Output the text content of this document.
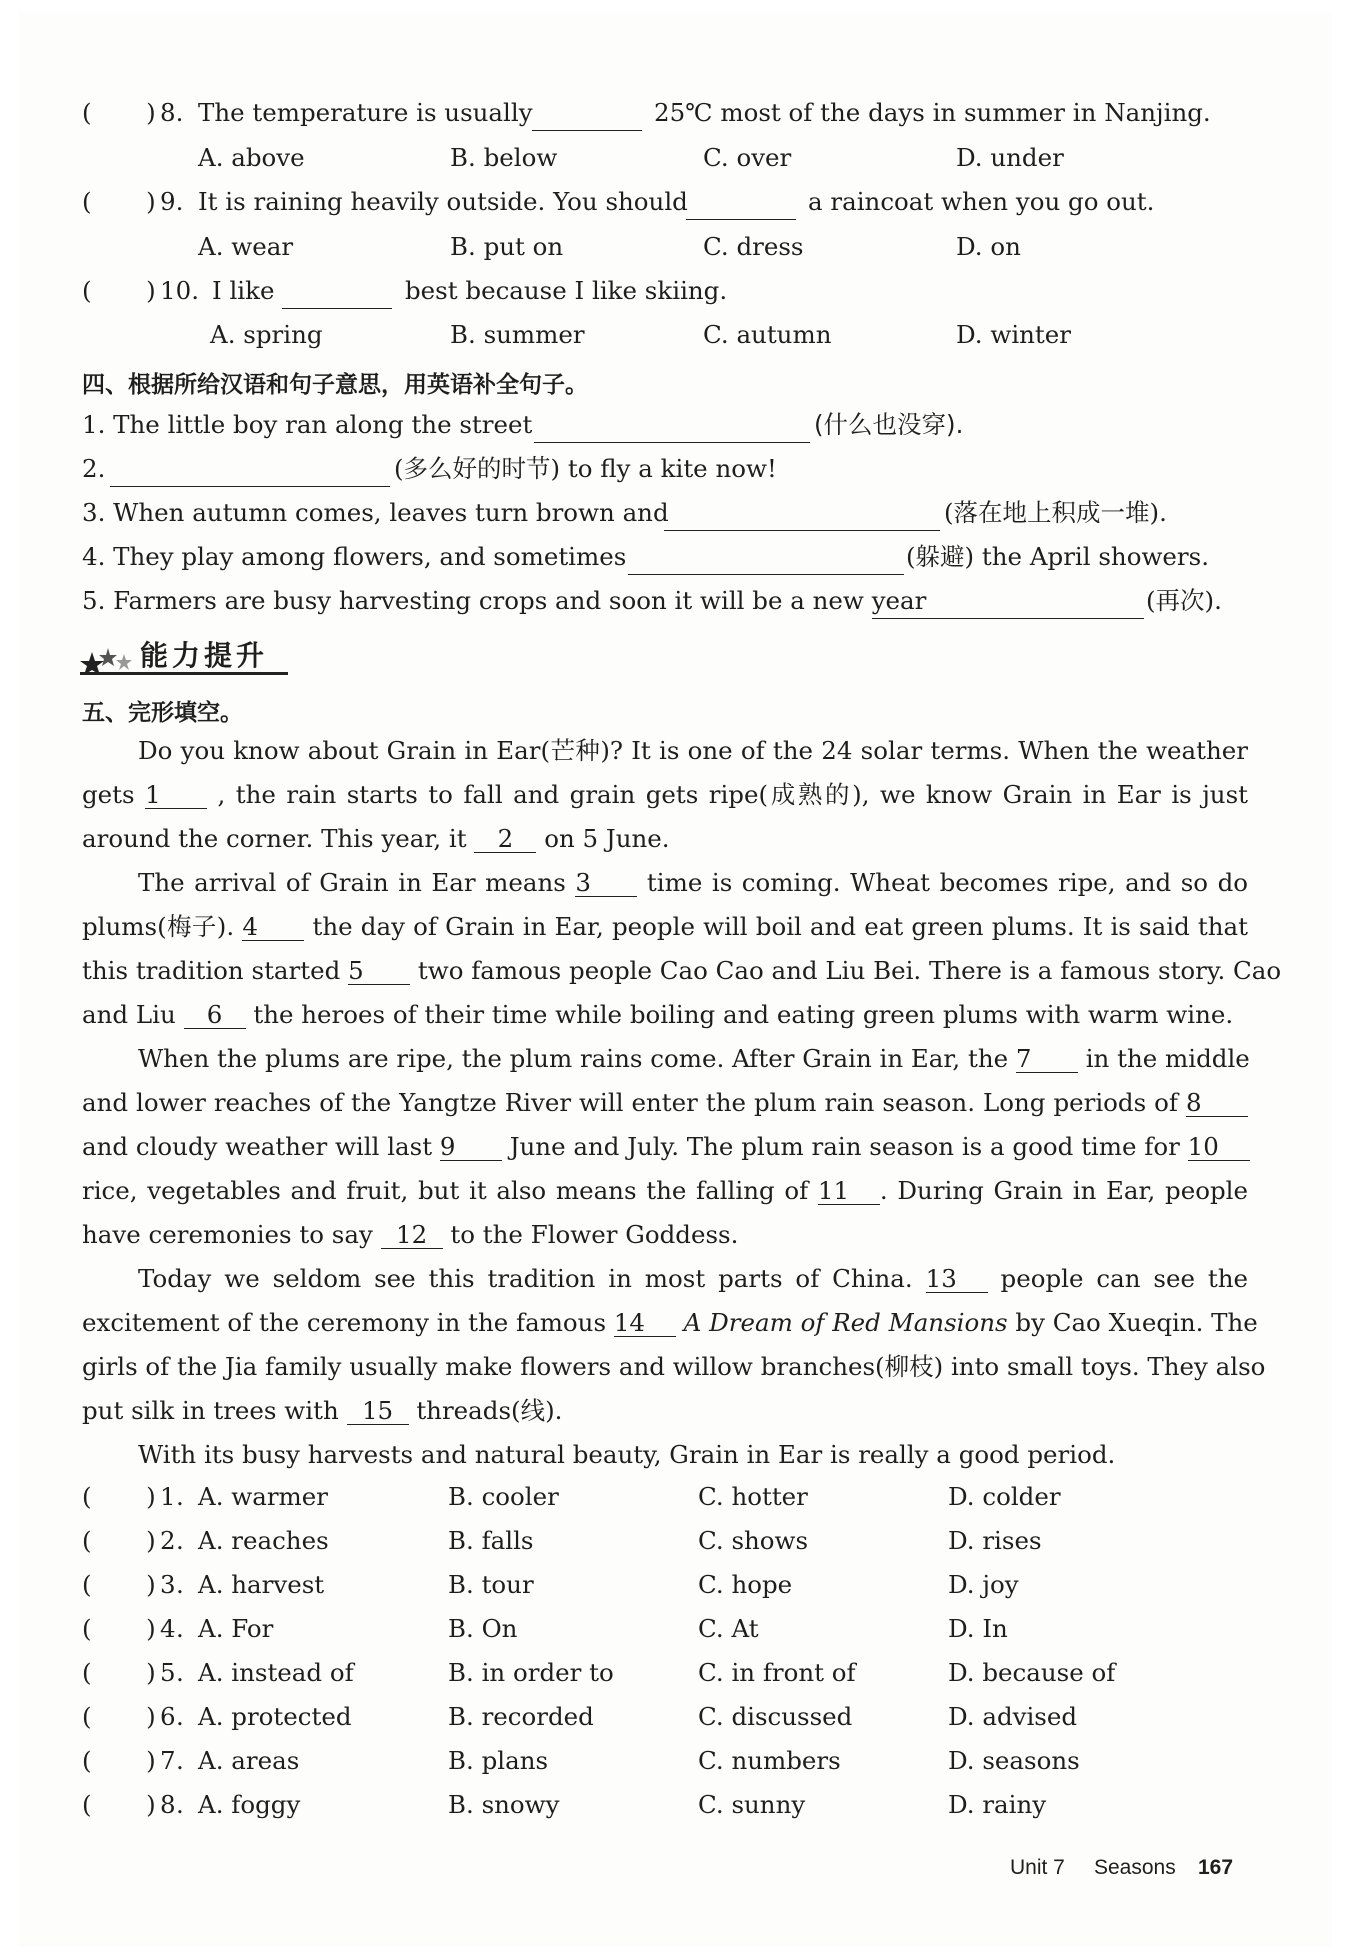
(       ) 8. The temperature is usually
	25℃ most of the days in summer in Nanjing.
A. above	B. below	C. over	D. under
(       ) 9. It is raining heavily outside. You should
	a raincoat when you go out.
A. wear	B. put on	C. dress	D. on
(       ) 10. I like
	best because I like skiing.
A. spring	B. summer	C. autumn	D. winter
四、根据所给汉语和句子意思，用英语补全句子。
1. The little boy ran along the street
	(什么也没穿).
2.
	(多么好的时节) to fly a kite now!
3. When autumn comes, leaves turn brown and
	(落在地上积成一堆).
4. They play among flowers, and sometimes
	(躲避) the April showers.
5. Farmers are busy harvesting crops and soon it will be a new year
	(再次).
能力提升
五、完形填空。
Do you know about Grain in Ear(芒种)? It is one of the 24 solar terms. When the weather
gets 1 , the rain starts to fall and grain gets ripe(成熟的), we know Grain in Ear is just
around the corner. This year, it 2 on 5 June.
The arrival of Grain in Ear means 3 time is coming. Wheat becomes ripe, and so do
plums(梅子). 4 the day of Grain in Ear, people will boil and eat green plums. It is said that
this tradition started 5 two famous people Cao Cao and Liu Bei. There is a famous story. Cao
and Liu 6 the heroes of their time while boiling and eating green plums with warm wine.
When the plums are ripe, the plum rains come. After Grain in Ear, the 7 in the middle
and lower reaches of the Yangtze River will enter the plum rain season. Long periods of 8
and cloudy weather will last 9 June and July. The plum rain season is a good time for 10
rice, vegetables and fruit, but it also means the falling of 11 . During Grain in Ear, people
have ceremonies to say 12 to the Flower Goddess.
Today we seldom see this tradition in most parts of China. 13 people can see the
excitement of the ceremony in the famous 14 A Dream of Red Mansions by Cao Xueqin. The
girls of the Jia family usually make flowers and willow branches(柳枝) into small toys. They also
put silk in trees with 15 threads(线).
With its busy harvests and natural beauty, Grain in Ear is really a good period.
(       ) 1 . A. warmer	B. cooler	C. hotter	D. colder
(       ) 2 . A. reaches	B. falls	C. shows	D. rises
(       ) 3 . A. harvest	B. tour	C. hope	D. joy
(       ) 4 . A. For	B. On	C. At	D. In
(       ) 5 . A. instead of	B. in order to	C. in front of	D. because of
(       ) 6 . A. protected	B. recorded	C. discussed	D. advised
(       ) 7 . A. areas	B. plans	C. numbers	D. seasons
(       ) 8 . A. foggy	B. snowy	C. sunny	D. rainy
Unit 7 Seasons 167
